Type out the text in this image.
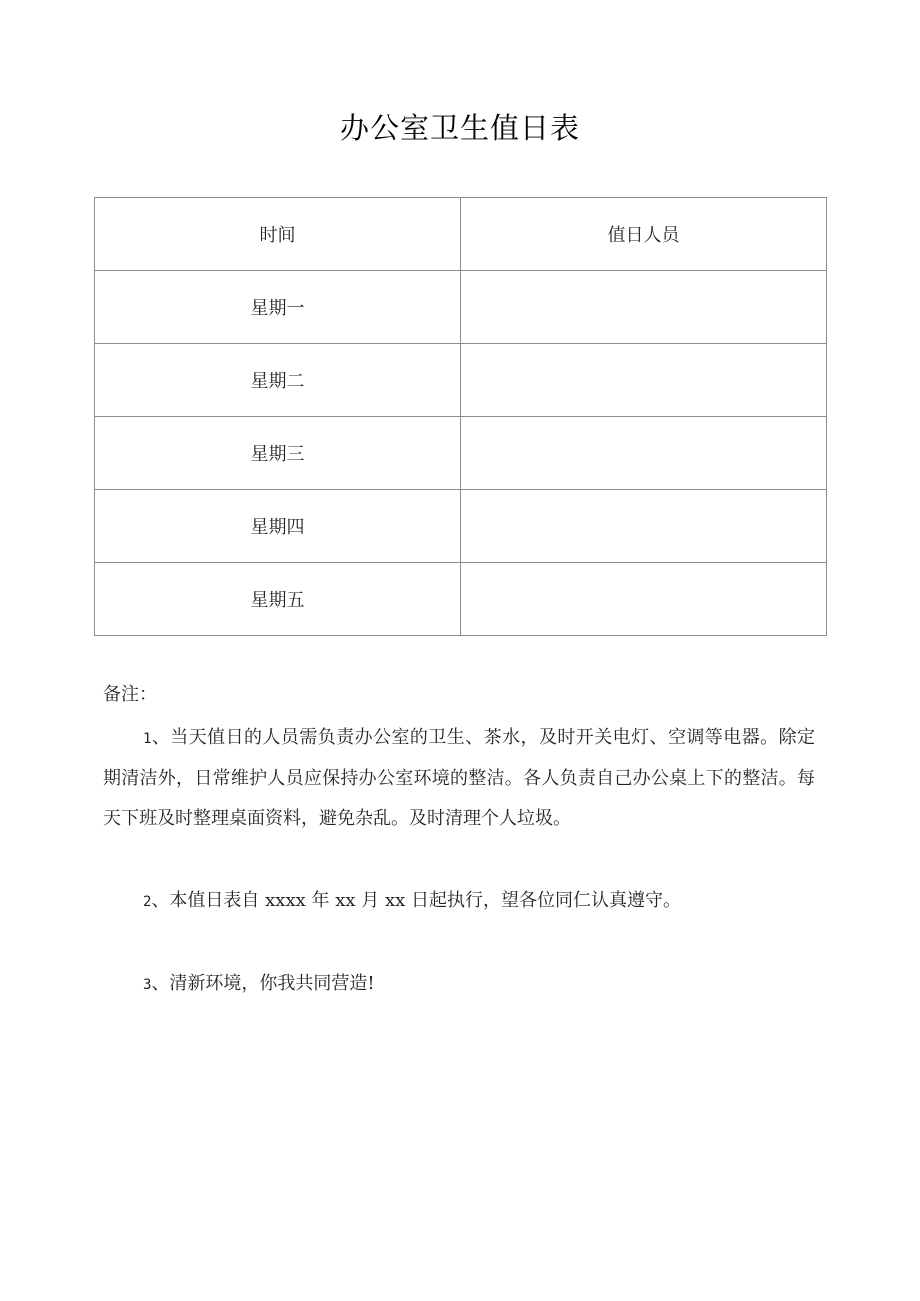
办公室卫生值日表
时间	值日人员
星期一	
星期二	
星期三	
星期四	
星期五	
备注：

1、当天值日的人员需负责办公室的卫生、茶水，及时开关电灯、空调等电器。除定期清洁外，日常维护人员应保持办公室环境的整洁。各人负责自己办公桌上下的整洁。每天下班及时整理桌面资料，避免杂乱。及时清理个人垃圾。

2、本值日表自 xxxx 年 xx 月 xx 日起执行，望各位同仁认真遵守。

3、清新环境，你我共同营造!
